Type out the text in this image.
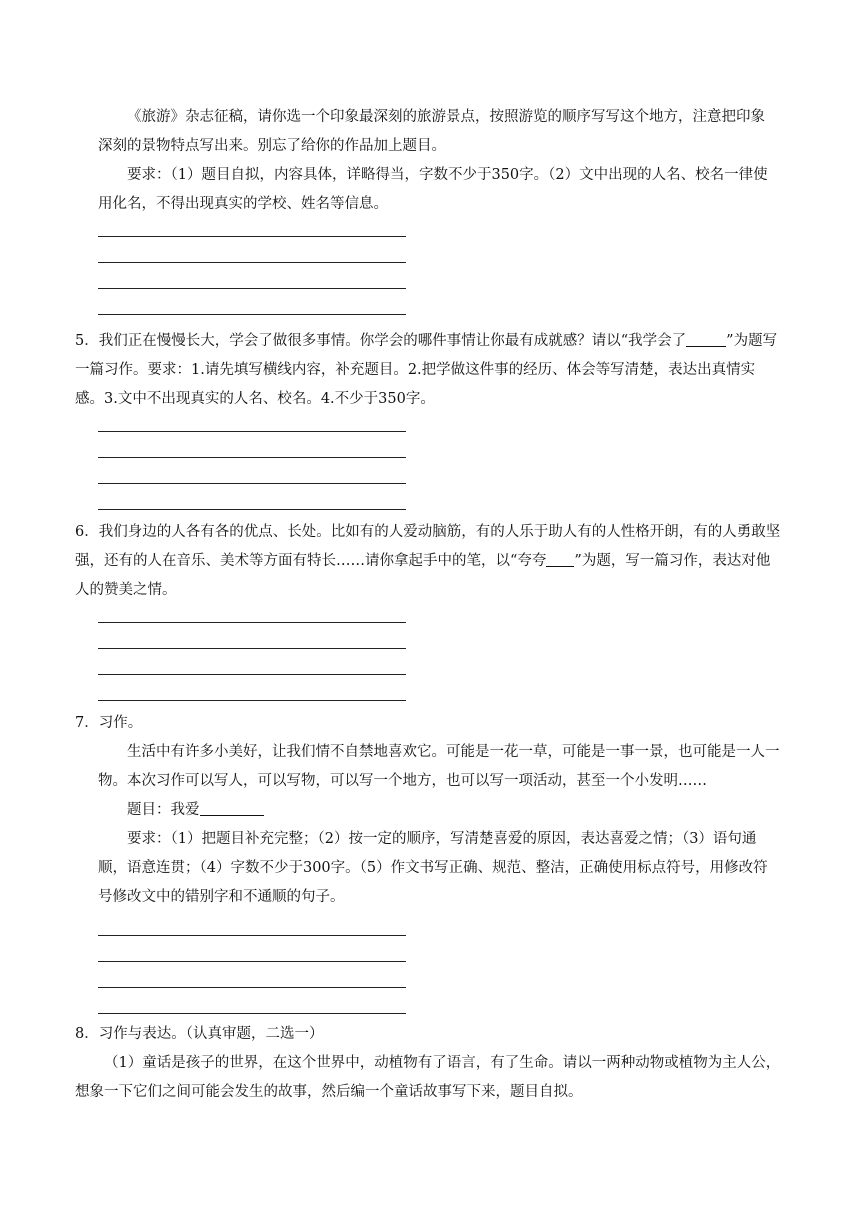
《旅游》杂志征稿，请你选一个印象最深刻的旅游景点，按照游览的顺序写写这个地方，注意把印象深刻的景物特点写出来。别忘了给你的作品加上题目。

要求：（1）题目自拟，内容具体，详略得当，字数不少于350字。（2）文中出现的人名、校名一律使用化名，不得出现真实的学校、姓名等信息。

5．我们正在慢慢长大，学会了做很多事情。你学会的哪件事情让你最有成就感？请以“我学会了	”为题写一篇习作。要求：1.请先填写横线内容，补充题目。2.把学做这件事的经历、体会等写清楚，表达出真情实感。3.文中不出现真实的人名、校名。4.不少于350字。

6．我们身边的人各有各的优点、长处。比如有的人爱动脑筋，有的人乐于助人有的人性格开朗，有的人勇敢坚强，还有的人在音乐、美术等方面有特长……请你拿起手中的笔，以“夸夸 ”为题，写一篇习作，表达对他人的赞美之情。

7．习作。

生活中有许多小美好，让我们情不自禁地喜欢它。可能是一花一草，可能是一事一景，也可能是一人一物。本次习作可以写人，可以写物，可以写一个地方，也可以写一项活动，甚至一个小发明……

题目：我爱

要求：（1）把题目补充完整；（2）按一定的顺序，写清楚喜爱的原因，表达喜爱之情；（3）语句通顺，语意连贯；（4）字数不少于300字。（5）作文书写正确、规范、整洁，正确使用标点符号，用修改符号修改文中的错别字和不通顺的句子。

8．习作与表达。（认真审题，二选一）

（1）童话是孩子的世界，在这个世界中，动植物有了语言，有了生命。请以一两种动物或植物为主人公，想象一下它们之间可能会发生的故事，然后编一个童话故事写下来，题目自拟。
